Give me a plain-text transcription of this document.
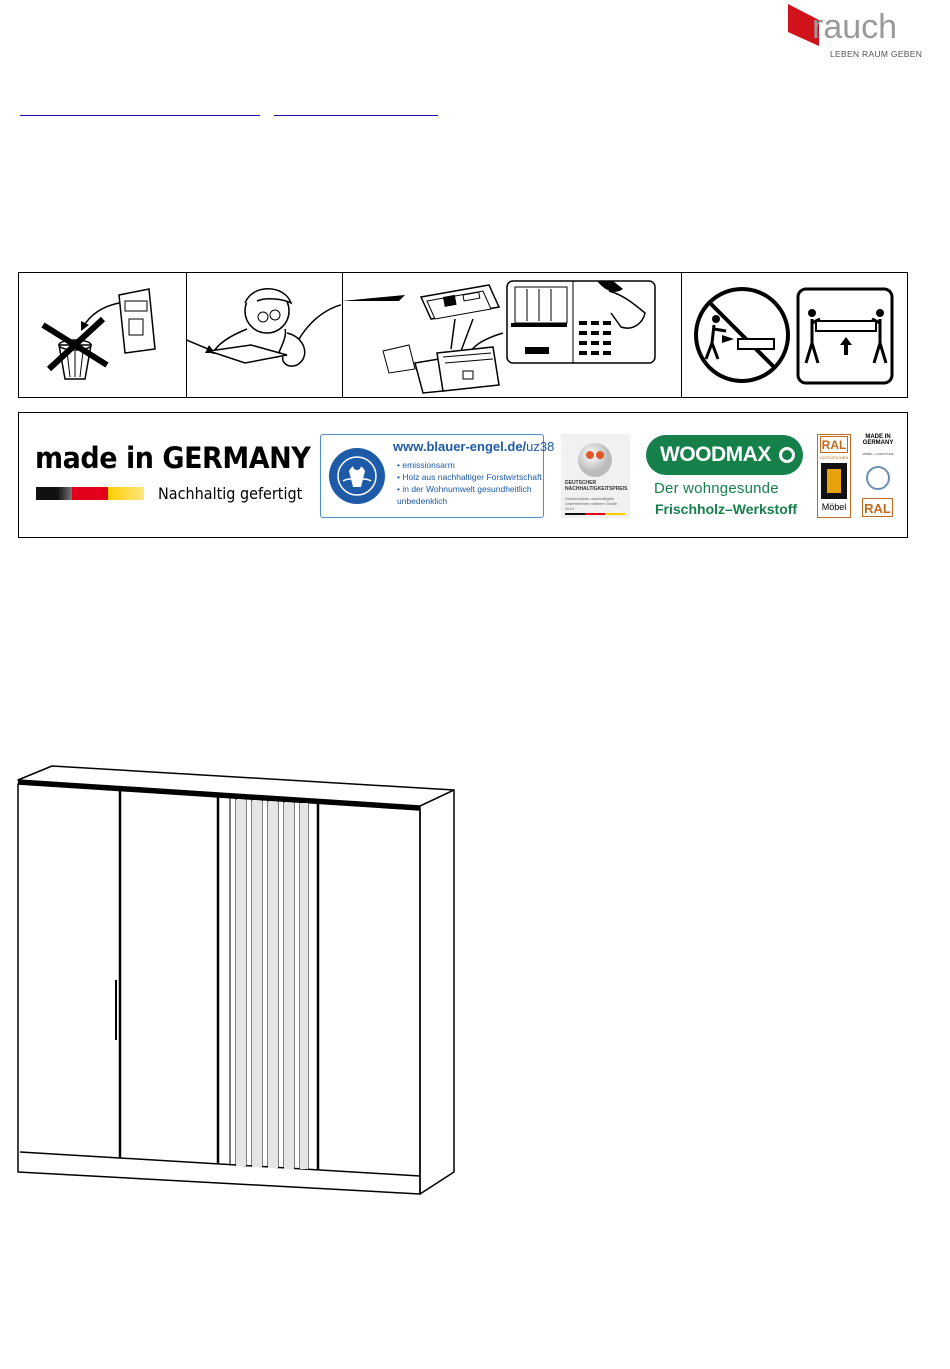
rauch
LEBEN RAUM GEBEN
made in GERMANY
Nachhaltig gefertigt
www.blauer-engel.de/uz38
• emissionsarm
• Holz aus nachhaltiger Forstwirtschaft
• in der Wohnumwelt gesundheitlich unbedenklich
DEUTSCHER NACHHALTIGKEITSPREIS
Deutschlands nachhaltigste Unternehmen mittlerer Größe 2014
WOODMAX
Der wohngesunde
Frischholz–Werkstoff
RAL
GÜTEZEICHEN
Möbel
MADE IN GERMANY
MÖBEL + FURNITURE
RAL
